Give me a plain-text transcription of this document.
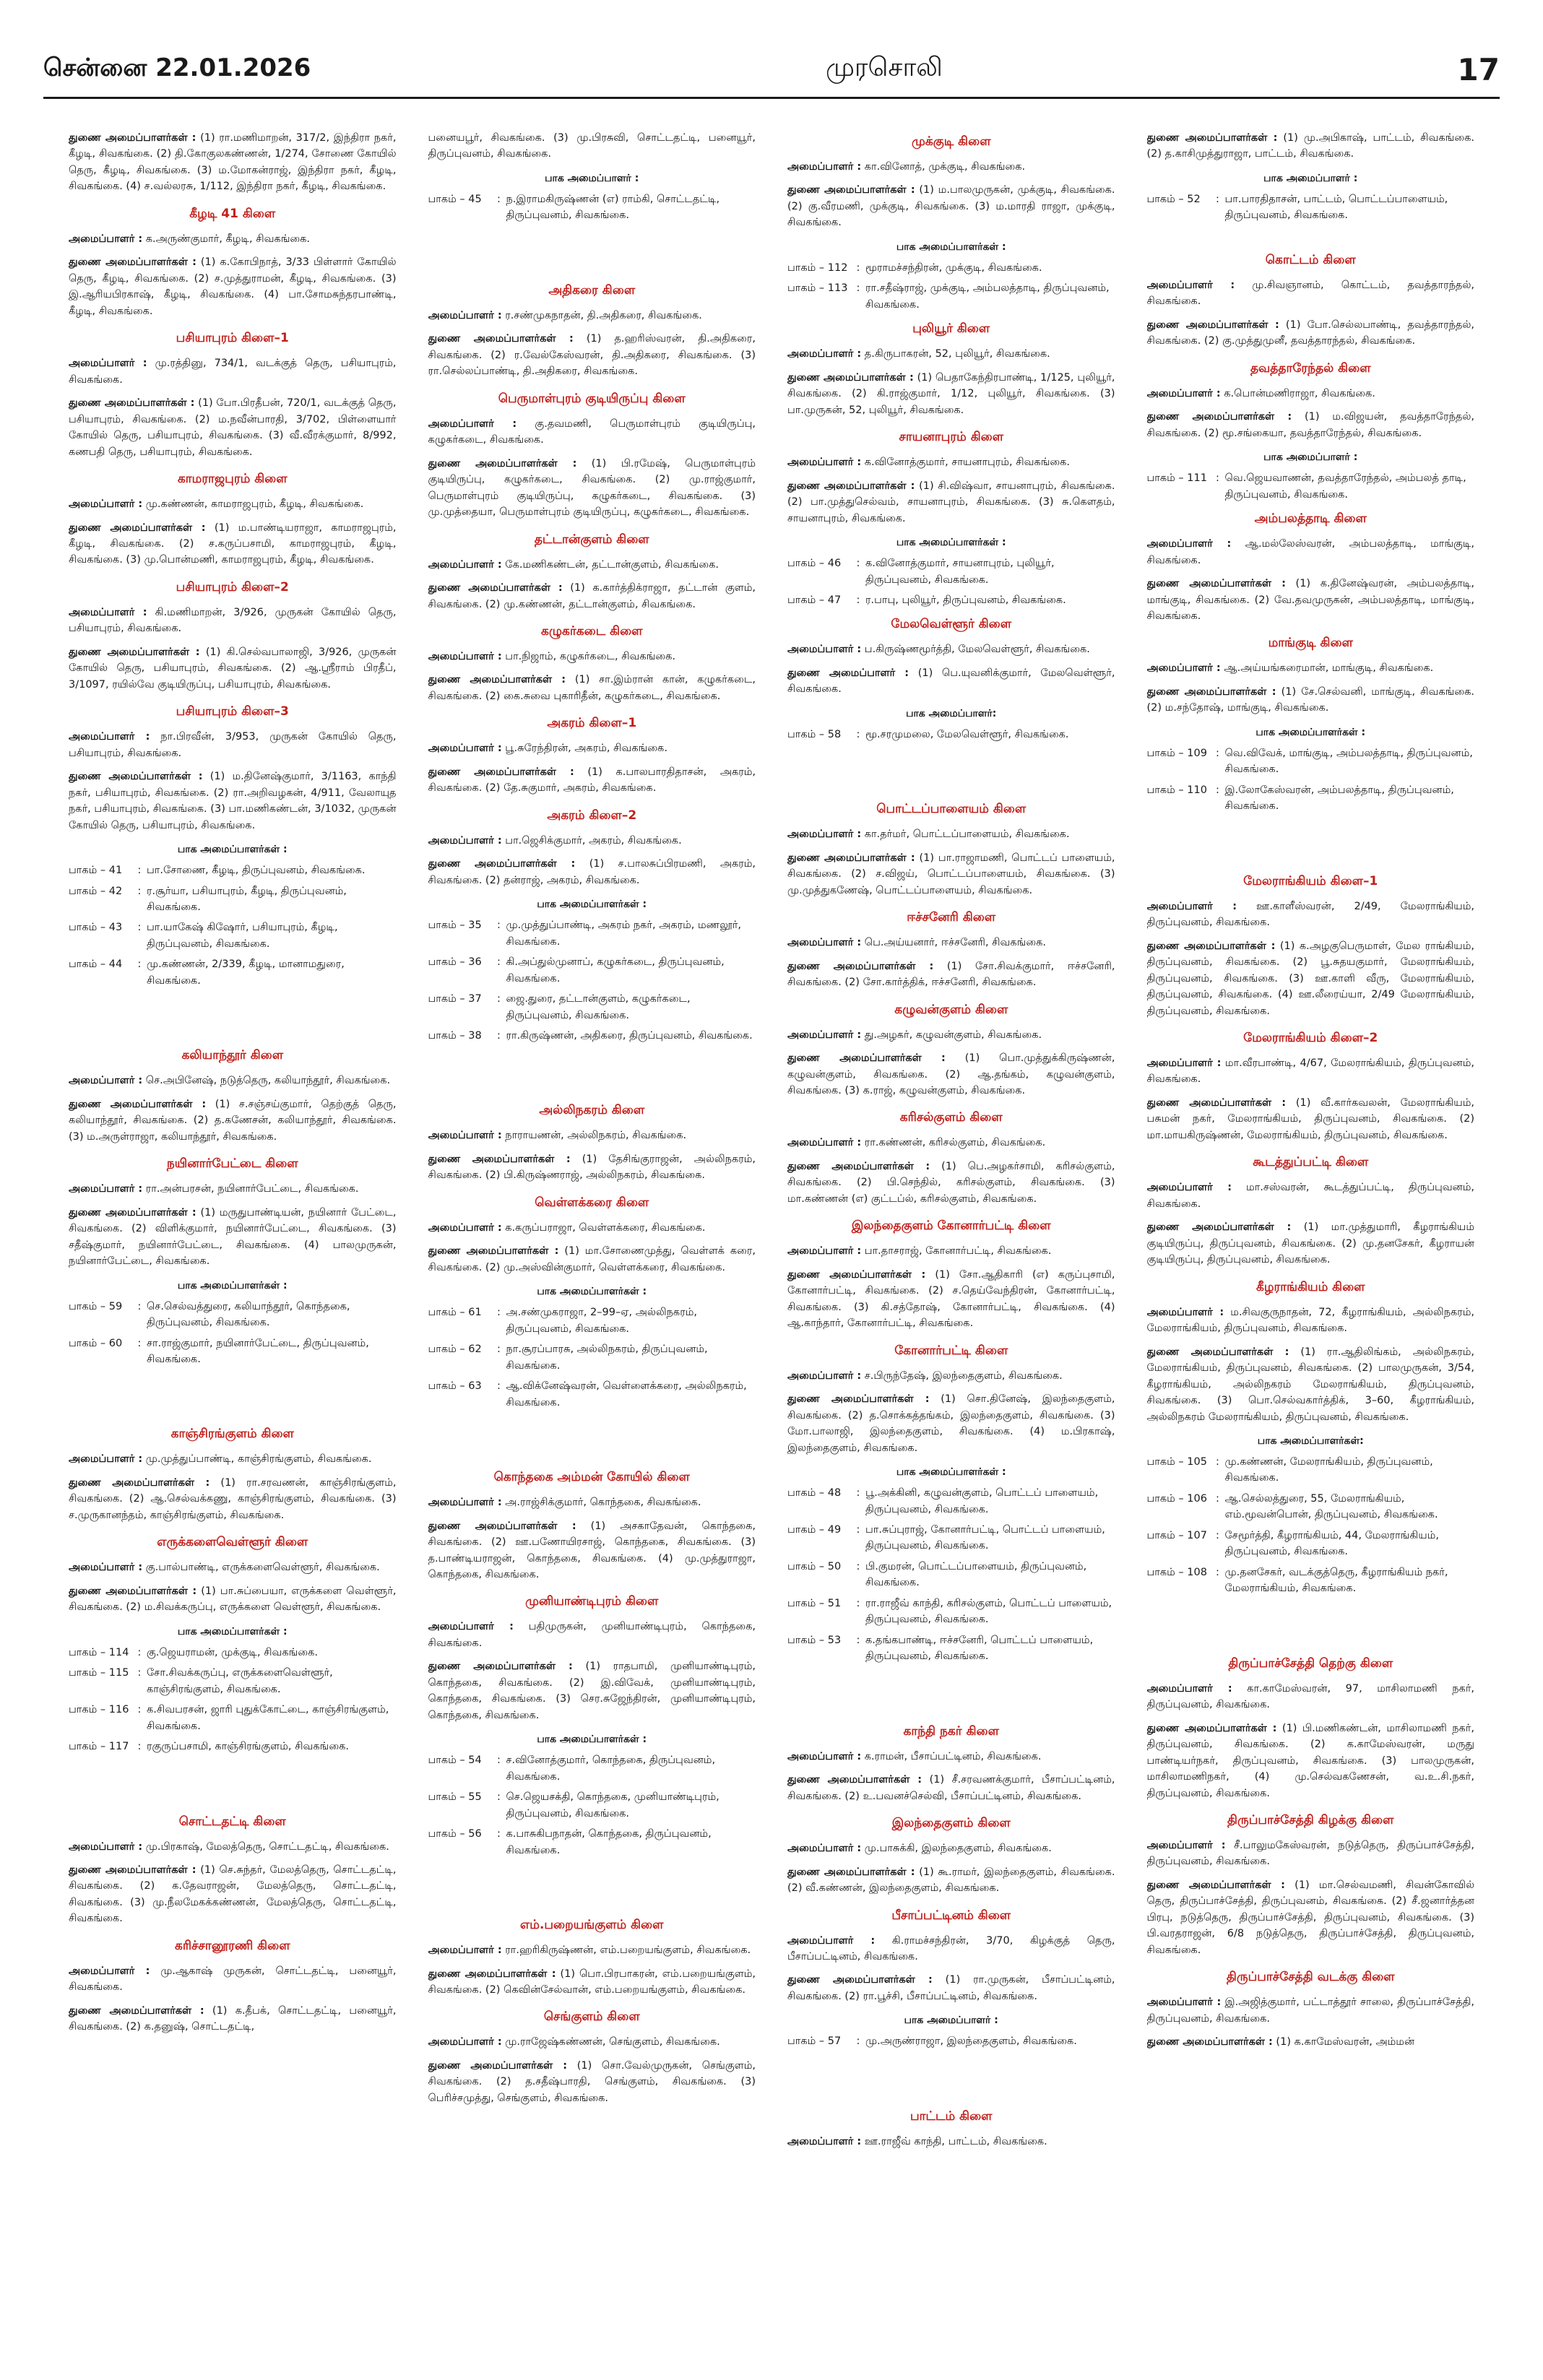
சென்னை 22.01.2026	முரசொலி	17
துணை அமைப்பாளர்கள் : (1) ரா.மணிமாறன், 317/2, இந்திரா நகர், கீழடி, சிவகங்கை. (2) தி.கோகுலகண்ணன், 1/274, சோணை கோயில் தெரு, கீழடி, சிவகங்கை. (3) ம.மோகன்ராஜ், இந்திரா நகர், கீழடி, சிவகங்கை. (4) ச.வல்லரசு, 1/112, இந்திரா நகர், கீழடி, சிவகங்கை.
கீழடி 41 கிளை
அமைப்பாளர் : க.அருண்குமார், கீழடி, சிவகங்கை.
துணை அமைப்பாளர்கள் : (1) க.கோபிநாத், 3/33 பிள்ளார் கோயில் தெரு, கீழடி, சிவகங்கை. (2) ச.முத்துராமன், கீழடி, சிவகங்கை. (3) இ.ஆரியபிரகாஷ், கீழடி, சிவகங்கை. (4) பா.சோமசுந்தரபாண்டி, கீழடி, சிவகங்கை.
பசியாபுரம் கிளை–1
அமைப்பாளர் : மு.ரத்தினு, 734/1, வடக்குத் தெரு, பசியாபுரம், சிவகங்கை.
துணை அமைப்பாளர்கள் : (1) போ.பிரதீபன், 720/1, வடக்குத் தெரு, பசியாபுரம், சிவகங்கை. (2) ம.நவீன்பாரதி, 3/702, பிள்ளையார் கோயில் தெரு, பசியாபுரம், சிவகங்கை. (3) வீ.வீரக்குமார், 8/992, கணபதி தெரு, பசியாபுரம், சிவகங்கை.
காமராஜபுரம் கிளை
அமைப்பாளர் : மு.கண்ணன், காமராஜபுரம், கீழடி, சிவகங்கை.
துணை அமைப்பாளர்கள் : (1) ம.பாண்டியராஜா, காமராஜபுரம், கீழடி, சிவகங்கை. (2) ச.கருப்பசாமி, காமராஜபுரம், கீழடி, சிவகங்கை. (3) மு.பொன்மணி, காமராஜபுரம், கீழடி, சிவகங்கை.
பசியாபுரம் கிளை–2
அமைப்பாளர் : கி.மணிமாறன், 3/926, முருகன் கோயில் தெரு, பசியாபுரம், சிவகங்கை.
துணை அமைப்பாளர்கள் : (1) கி.செல்வபாலாஜி, 3/926, முருகன் கோயில் தெரு, பசியாபுரம், சிவகங்கை. (2) ஆ.ஸ்ரீராம் பிரதீப், 3/1097, ரயில்வே குடியிருப்பு, பசியாபுரம், சிவகங்கை.
பசியாபுரம் கிளை–3
அமைப்பாளர் : நா.பிரவீன், 3/953, முருகன் கோயில் தெரு, பசியாபுரம், சிவகங்கை.
துணை அமைப்பாளர்கள் : (1) ம.தினேஷ்குமார், 3/1163, காந்தி நகர், பசியாபுரம், சிவகங்கை. (2) ரா.அறிவழகன், 4/911, வேலாயுத நகர், பசியாபுரம், சிவகங்கை. (3) பா.மணிகண்டன், 3/1032, முருகன் கோயில் தெரு, பசியாபுரம், சிவகங்கை.
பாக அமைப்பாளர்கள் :
பாகம் – 41	: பா.சோணை, கீழடி, திருப்புவனம், சிவகங்கை.
பாகம் – 42	: ர.சூர்யா, பசியாபுரம், கீழடி, திருப்புவனம், சிவகங்கை.
பாகம் – 43	: பா.யாகேஷ் கிஷோர், பசியாபுரம், கீழடி, திருப்புவனம், சிவகங்கை.
பாகம் – 44	: மு.கண்ணன், 2/339, கீழடி, மானாமதுரை, சிவகங்கை.
கலியாந்தூர் கிளை
அமைப்பாளர் : செ.அபினேஷ், நடுத்தெரு, கலியாந்தூர், சிவகங்கை.
துணை அமைப்பாளர்கள் : (1) ச.சஞ்சய்குமார், தெற்குத் தெரு, கலியாந்தூர், சிவகங்கை. (2) த.கணேசன், கலியாந்தூர், சிவகங்கை. (3) ம.அருள்ராஜா, கலியாந்தூர், சிவகங்கை.
நயினார்பேட்டை கிளை
அமைப்பாளர் : ரா.அன்பரசன், நயினார்பேட்டை, சிவகங்கை.
துணை அமைப்பாளர்கள் : (1) மருதுபாண்டியன், நயினார் பேட்டை, சிவகங்கை. (2) விளிக்குமார், நயினார்பேட்டை, சிவகங்கை. (3) சதீஷ்குமார், நயினார்பேட்டை, சிவகங்கை. (4) பாலமுருகன், நயினார்பேட்டை, சிவகங்கை.
பாக அமைப்பாளர்கள் :
பாகம் – 59	: செ.செல்வத்துரை, கலியாந்தூர், கொந்தகை, திருப்புவனம், சிவகங்கை.
பாகம் – 60	: சா.ராஜ்குமார், நயினார்பேட்டை, திருப்புவனம், சிவகங்கை.
காஞ்சிரங்குளம் கிளை
அமைப்பாளர் : மு.முத்துப்பாண்டி, காஞ்சிரங்குளம், சிவகங்கை.
துணை அமைப்பாளர்கள் : (1) ரா.சரவணன், காஞ்சிரங்குளம், சிவகங்கை. (2) ஆ.செல்வக்கணு, காஞ்சிரங்குளம், சிவகங்கை. (3) ச.முருகானந்தம், காஞ்சிரங்குளம், சிவகங்கை.
எருக்களைவெள்ளூர் கிளை
அமைப்பாளர் : கு.பால்பாண்டி, எருக்களைவெள்ளூர், சிவகங்கை.
துணை அமைப்பாளர்கள் : (1) பா.சுப்பையா, எருக்களை வெள்ளூர், சிவகங்கை. (2) ம.சிவக்கருப்பு, எருக்களை வெள்ளூர், சிவகங்கை.
பாக அமைப்பாளர்கள் :
பாகம் – 114 : கு.ஜெயராமன், முக்குடி, சிவகங்கை.
பாகம் – 115 : சோ.சிவக்கருப்பு, எருக்களைவெள்ளூர், காஞ்சிரங்குளம், சிவகங்கை.
பாகம் – 116 : க.சிவபரசன், ஜாரி புதுக்கோட்டை, காஞ்சிரங்குளம், சிவகங்கை.
பாகம் – 117 : ரகுருப்பசாமி, காஞ்சிரங்குளம், சிவகங்கை.
சொட்டதட்டி கிளை
அமைப்பாளர் : மு.பிரகாஷ், மேலத்தெரு, சொட்டதட்டி, சிவகங்கை.
துணை அமைப்பாளர்கள் : (1) செ.சுந்தர், மேலத்தெரு, சொட்டதட்டி, சிவகங்கை. (2) க.தேவராஜன், மேலத்தெரு, சொட்டதட்டி, சிவகங்கை. (3) மு.நீலமேகக்கண்ணன், மேலத்தெரு, சொட்டதட்டி, சிவகங்கை.
கரிச்சானூரணி கிளை
அமைப்பாளர் : மு.ஆகாஷ் முருகன், சொட்டதட்டி, பனையூர், சிவகங்கை.
துணை அமைப்பாளர்கள் : (1) க.தீபக், சொட்டதட்டி, பனையூர், சிவகங்கை. (2) க.தனுஷ், சொட்டதட்டி,
பனையபூர், சிவகங்கை. (3) மு.பிரசுவி, சொட்டதட்டி, பனையூர், திருப்புவனம், சிவகங்கை.
பாக அமைப்பாளர் :
பாகம் – 45	: ந.இராமகிருஷ்ணன் (எ) ராம்கி, சொட்டதட்டி, திருப்புவனம், சிவகங்கை.
அதிகரை கிளை
அமைப்பாளர் : ர.சண்முகநாதன், தி.அதிகரை, சிவகங்கை.
துணை அமைப்பாளர்கள் : (1) த.ஹரிஸ்வரன், தி.அதிகரை, சிவகங்கை. (2) ர.வேல்கேஸ்வரன், தி.அதிகரை, சிவகங்கை. (3) ரா.செல்லப்பாண்டி, தி.அதிகரை, சிவகங்கை.
பெருமாள்புரம் குடியிருப்பு கிளை
அமைப்பாளர் : கு.தவமணி, பெருமாள்புரம் குடியிருப்பு, கழுகர்கடை, சிவகங்கை.
துணை அமைப்பாளர்கள் : (1) பி.ரமேஷ், பெருமாள்புரம் குடியிருப்பு, கழுகர்கடை, சிவகங்கை. (2) மு.ராஜ்குமார், பெருமாள்புரம் குடியிருப்பு, கழுகர்கடை, சிவகங்கை. (3) மு.முத்தையா, பெருமாள்புரம் குடியிருப்பு, கழுகர்கடை, சிவகங்கை.
தட்டான்குளம் கிளை
அமைப்பாளர் : கே.மணிகண்டன், தட்டான்குளம், சிவகங்கை.
துணை அமைப்பாளர்கள் : (1) க.கார்த்திக்ராஜா, தட்டான் குளம், சிவகங்கை. (2) மு.கண்ணன், தட்டான்குளம், சிவகங்கை.
கழுகர்கடை கிளை
அமைப்பாளர் : பா.நிஜாம், கழுகர்கடை, சிவகங்கை.
துணை அமைப்பாளர்கள் : (1) சா.இம்ரான் கான், கழுகர்கடை, சிவகங்கை. (2) கை.சுவை புகாரிதீன், கழுகர்கடை, சிவகங்கை.
அகரம் கிளை–1
அமைப்பாளர் : பூ.சுரேந்திரன், அகரம், சிவகங்கை.
துணை அமைப்பாளர்கள் : (1) க.பாலபாரதிதாசன், அகரம், சிவகங்கை. (2) தே.சுகுமார், அகரம், சிவகங்கை.
அகரம் கிளை–2
அமைப்பாளர் : பா.ஜெசிக்குமார், அகரம், சிவகங்கை.
துணை அமைப்பாளர்கள் : (1) ச.பாலசுப்பிரமணி, அகரம், சிவகங்கை. (2) தன்ராஜ், அகரம், சிவகங்கை.
பாக அமைப்பாளர்கள் :
பாகம் – 35	: மு.முத்துப்பாண்டி, அகரம் நகர், அகரம், மணலூர், சிவகங்கை.
பாகம் – 36	: கி.அப்துல்முனாப், கழுகர்கடை, திருப்புவனம், சிவகங்கை.
பாகம் – 37	: ஜை.துரை, தட்டான்குளம், கழுகர்கடை, திருப்புவனம், சிவகங்கை.
பாகம் – 38	: ரா.கிருஷ்ணன், அதிகரை, திருப்புவனம், சிவகங்கை.
அல்லிநகரம் கிளை
அமைப்பாளர் : நாராயணன், அல்லிநகரம், சிவகங்கை.
துணை அமைப்பாளர்கள் : (1) தேசிங்குராஜன், அல்லிநகரம், சிவகங்கை. (2) பி.கிருஷ்ணராஜ், அல்லிநகரம், சிவகங்கை.
வெள்ளக்கரை கிளை
அமைப்பாளர் : க.கருப்பராஜா, வெள்ளக்கரை, சிவகங்கை.
துணை அமைப்பாளர்கள் : (1) மா.சோணைமுத்து, வெள்ளக் கரை, சிவகங்கை. (2) மு.அஸ்வின்குமார், வெள்ளக்கரை, சிவகங்கை.
பாக அமைப்பாளர்கள் :
பாகம் – 61	: அ.சண்முகராஜா, 2–99–ஏ, அல்லிநகரம், திருப்புவனம், சிவகங்கை.
பாகம் – 62	: நா.சூரப்பாரசு, அல்லிநகரம், திருப்புவனம், சிவகங்கை.
பாகம் – 63	: ஆ.விக்னேஷ்வரன், வெள்ளைக்கரை, அல்லிநகரம், சிவகங்கை.
கொந்தகை அம்மன் கோயில் கிளை
அமைப்பாளர் : அ.ராஜ்சிக்குமார், கொந்தகை, சிவகங்கை.
துணை அமைப்பாளர்கள் : (1) அசகாதேவன், கொந்தகை, சிவகங்கை. (2) ஊ.பணோயிரசாஜ், கொந்தகை, சிவகங்கை. (3) த.பாண்டியராஜன், கொந்தகை, சிவகங்கை. (4) மு.முத்துராஜா, கொந்தகை, சிவகங்கை.
முனியாண்டிபுரம் கிளை
அமைப்பாளர் : பதிமுருகன், முனியாண்டிபுரம், கொந்தகை, சிவகங்கை.
துணை அமைப்பாளர்கள் : (1) ராதபாமி, முனியாண்டிபுரம், கொந்தகை, சிவகங்கை. (2) இ.விவேக், முனியாண்டிபுரம், கொந்தகை, சிவகங்கை. (3) செர.சுஜேந்திரன், முனியாண்டிபுரம், கொந்தகை, சிவகங்கை.
பாக அமைப்பாளர்கள் :
பாகம் – 54	: ச.வினோத்குமார், கொந்தகை, திருப்புவனம், சிவகங்கை.
பாகம் – 55	: செ.ஜெயசக்தி, கொந்தகை, முனியாண்டிபுரம், திருப்புவனம், சிவகங்கை.
பாகம் – 56	: க.பாசுகிபநாதன், கொந்தகை, திருப்புவனம், சிவகங்கை.
எம்.பறையங்குளம் கிளை
அமைப்பாளர் : ரா.ஹரிகிருஷ்ணன், எம்.பறையங்குளம், சிவகங்கை.
துணை அமைப்பாளர்கள் : (1) பொ.பிரபாகரன், எம்.பறையங்குளம், சிவகங்கை. (2) கெவின்சேல்வான், எம்.பறையங்குளம், சிவகங்கை.
செங்குளம் கிளை
அமைப்பாளர் : மு.ராஜேஷ்கண்ணன், செங்குளம், சிவகங்கை.
துணை அமைப்பாளர்கள் : (1) சொ.வேல்முருகன், செங்குளம், சிவகங்கை. (2) த.சதீஷ்பாரதி, செங்குளம், சிவகங்கை. (3) பெரிச்சமுத்து, செங்குளம், சிவகங்கை.
முக்குடி கிளை
அமைப்பாளர் : கா.வினோத், முக்குடி, சிவகங்கை.
துணை அமைப்பாளர்கள் : (1) ம.பாலமுருகன், முக்குடி, சிவகங்கை. (2) கு.வீரமணி, முக்குடி, சிவகங்கை. (3) ம.மாரதி ராஜா, முக்குடி, சிவகங்கை.
பாக அமைப்பாளர்கள் :
பாகம் – 112 : மூராமச்சந்திரன், முக்குடி, சிவகங்கை.
பாகம் – 113 : ரா.சதீஷ்ராஜ், முக்குடி, அம்பலத்தாடி, திருப்புவனம், சிவகங்கை.
புலியூர் கிளை
அமைப்பாளர் : த.கிருபாகரன், 52, புலியூர், சிவகங்கை.
துணை அமைப்பாளர்கள் : (1) பெதாகேந்திரபாண்டி, 1/125, புலியூர், சிவகங்கை. (2) கி.ராஜ்குமார், 1/12, புலியூர், சிவகங்கை. (3) பா.முருகன், 52, புலியூர், சிவகங்கை.
சாயனாபுரம் கிளை
அமைப்பாளர் : க.வினோத்குமார், சாயனாபுரம், சிவகங்கை.
துணை அமைப்பாளர்கள் : (1) சி.விஷ்வா, சாயனாபுரம், சிவகங்கை. (2) பா.முத்துசெல்வம், சாயனாபுரம், சிவகங்கை. (3) சு.கௌதம், சாயனாபுரம், சிவகங்கை.
பாக அமைப்பாளர்கள் :
பாகம் – 46	: க.வினோத்குமார், சாயனாபுரம், புலியூர், திருப்புவனம், சிவகங்கை.
பாகம் – 47	: ர.பாபு, புலியூர், திருப்புவனம், சிவகங்கை.
மேலவெள்ளூர் கிளை
அமைப்பாளர் : ப.கிருஷ்ணமூர்த்தி, மேலவெள்ளூர், சிவகங்கை.
துணை அமைப்பாளர் : (1) பெ.யுவனிக்குமார், மேலவெள்ளூர், சிவகங்கை.
பாக அமைப்பாளர்:
பாகம் – 58	: மூ.சரமுமலை, மேலவெள்ளூர், சிவகங்கை.
பொட்டப்பாளையம் கிளை
அமைப்பாளர் : கா.தர்மர், பொட்டப்பாளையம், சிவகங்கை.
துணை அமைப்பாளர்கள் : (1) பா.ராஜாமணி, பொட்டப் பாளையம், சிவகங்கை. (2) ச.விஜய், பொட்டப்பாளையம், சிவகங்கை. (3) மு.முத்துகணேஷ், பொட்டப்பாளையம், சிவகங்கை.
ஈச்சனேரி கிளை
அமைப்பாளர் : பெ.அய்யனார், ஈச்சனேரி, சிவகங்கை.
துணை அமைப்பாளர்கள் : (1) சோ.சிவக்குமார், ஈச்சனேரி, சிவகங்கை. (2) சோ.கார்த்திக், ஈச்சனேரி, சிவகங்கை.
கழுவன்குளம் கிளை
அமைப்பாளர் : து.அழகர், கழுவன்குளம், சிவகங்கை.
துணை அமைப்பாளர்கள் : (1) பொ.முத்துக்கிருஷ்ணன், கழுவன்குளம், சிவகங்கை. (2) ஆ.தங்கம், கழுவன்குளம், சிவகங்கை. (3) க.ராஜ், கழுவன்குளம், சிவகங்கை.
கரிசல்குளம் கிளை
அமைப்பாளர் : ரா.கண்ணன், கரிசல்குளம், சிவகங்கை.
துணை அமைப்பாளர்கள் : (1) பெ.அழகர்சாமி, கரிசல்குளம், சிவகங்கை. (2) பி.செந்தில், கரிசல்குளம், சிவகங்கை. (3) மா.கண்ணன் (எ) குட்டப்ல், கரிசல்குளம், சிவகங்கை.
இலந்தைகுளம் கோனார்பட்டி கிளை
அமைப்பாளர் : பா.தாசராஜ், கோனார்பட்டி, சிவகங்கை.
துணை அமைப்பாளர்கள் : (1) சோ.ஆதிகாரி (எ) கருப்புசாமி, கோனார்பட்டி, சிவகங்கை. (2) ச.தெய்வேந்திரன், கோனார்பட்டி, சிவகங்கை. (3) கி.சத்தோஷ், கோனார்பட்டி, சிவகங்கை. (4) ஆ.காந்தார், கோனார்பட்டி, சிவகங்கை.
கோனார்பட்டி கிளை
அமைப்பாளர் : ச.பிருந்தேஷ், இலந்தைகுளம், சிவகங்கை.
துணை அமைப்பாளர்கள் : (1) சொ.தினேஷ், இலந்தைகுளம், சிவகங்கை. (2) த.சொக்கத்தங்கம், இலந்தைகுளம், சிவகங்கை. (3) மோ.பாலாஜி, இலந்தைகுளம், சிவகங்கை. (4) ம.பிரகாஷ், இலந்தைகுளம், சிவகங்கை.
பாக அமைப்பாளர்கள் :
பாகம் – 48	: பூ.அக்கினி, கழுவன்குளம், பொட்டப் பாளையம், திருப்புவனம், சிவகங்கை.
பாகம் – 49	: பா.சுப்புராஜ், கோனார்பட்டி, பொட்டப் பாளையம், திருப்புவனம், சிவகங்கை.
பாகம் – 50	: பி.குமரன், பொட்டப்பாளையம், திருப்புவனம், சிவகங்கை.
பாகம் – 51	: ரா.ராஜீவ் காந்தி, கரிசல்குளம், பொட்டப் பாளையம், திருப்புவனம், சிவகங்கை.
பாகம் – 53	: க.தங்கபாண்டி, ஈச்சனேரி, பொட்டப் பாளையம், திருப்புவனம், சிவகங்கை.
காந்தி நகர் கிளை
அமைப்பாளர் : க.ராமன், பீசாப்பட்டினம், சிவகங்கை.
துணை அமைப்பாளர்கள் : (1) சீ.சரவணக்குமார், பீசாப்பட்டினம், சிவகங்கை. (2) உ.பவனச்செல்வி, பீசாப்பட்டினம், சிவகங்கை.
இலந்தைகுளம் கிளை
அமைப்பாளர் : மு.பாசுக்கி, இலந்தைகுளம், சிவகங்கை.
துணை அமைப்பாளர்கள் : (1) கூ.ராமர், இலந்தைகுளம், சிவகங்கை. (2) வீ.கண்ணன், இலந்தைகுளம், சிவகங்கை.
பீசாப்பட்டினம் கிளை
அமைப்பாளர் : கி.ராமச்சந்திரன், 3/70, கிழக்குத் தெரு, பீசாப்பட்டினம், சிவகங்கை.
துணை அமைப்பாளர்கள் : (1) ரா.முருகன், பீசாப்பட்டினம், சிவகங்கை. (2) ரா.பூச்சி, பீசாப்பட்டினம், சிவகங்கை.
பாக அமைப்பாளர் :
பாகம் – 57	: மு.அருண்ராஜா, இலந்தைகுளம், சிவகங்கை.
பாட்டம் கிளை
அமைப்பாளர் : ஊ.ராஜீவ் காந்தி, பாட்டம், சிவகங்கை.
துணை அமைப்பாளர்கள் : (1) மு.அபிகாஷ், பாட்டம், சிவகங்கை. (2) த.காசிமுத்துராஜா, பாட்டம், சிவகங்கை.
பாக அமைப்பாளர் :
பாகம் – 52	: பா.பாரதிதாசன், பாட்டம், பொட்டப்பாளையம், திருப்புவனம், சிவகங்கை.
கொட்டம் கிளை
அமைப்பாளர் : மு.சிவஞானம், கொட்டம், தவத்தாரந்தல், சிவகங்கை.
துணை அமைப்பாளர்கள் : (1) போ.செல்லபாண்டி, தவத்தாரந்தல், சிவகங்கை. (2) கு.முத்துமுனீ, தவத்தாரந்தல், சிவகங்கை.
தவத்தாரேந்தல் கிளை
அமைப்பாளர் : க.பொன்மணிராஜா, சிவகங்கை.
துணை அமைப்பாளர்கள் : (1) ம.விஜயன், தவத்தாரேந்தல், சிவகங்கை. (2) மூ.சங்கையா, தவத்தாரேந்தல், சிவகங்கை.
பாக அமைப்பாளர் :
பாகம் – 111 : வெ.ஜெயவாணன், தவத்தாரேந்தல், அம்பலத் தாடி, திருப்புவனம், சிவகங்கை.
அம்பலத்தாடி கிளை
அமைப்பாளர் : ஆ.மல்லேஸ்வரன், அம்பலத்தாடி, மாங்குடி, சிவகங்கை.
துணை அமைப்பாளர்கள் : (1) க.தினேஷ்வரன், அம்பலத்தாடி, மாங்குடி, சிவகங்கை. (2) வே.தவமுருகன், அம்பலத்தாடி, மாங்குடி, சிவகங்கை.
மாங்குடி கிளை
அமைப்பாளர் : ஆ.அய்யங்கரைமான், மாங்குடி, சிவகங்கை.
துணை அமைப்பாளர்கள் : (1) சே.செல்வனி, மாங்குடி, சிவகங்கை. (2) ம.சந்தோஷ், மாங்குடி, சிவகங்கை.
பாக அமைப்பாளர்கள் :
பாகம் – 109 : வெ.விவேக், மாங்குடி, அம்பலத்தாடி, திருப்புவனம், சிவகங்கை.
பாகம் – 110 : இ.லோகேஸ்வரன், அம்பலத்தாடி, திருப்புவனம், சிவகங்கை.
மேலராங்கியம் கிளை–1
அமைப்பாளர் : ஊ.காளீஸ்வரன், 2/49, மேலராங்கியம், திருப்புவனம், சிவகங்கை.
துணை அமைப்பாளர்கள் : (1) க.அழகுபெருமாள், மேல ராங்கியம், திருப்புவனம், சிவகங்கை. (2) பூ.சுதயகுமார், மேலராங்கியம், திருப்புவனம், சிவகங்கை. (3) ஊ.காளி வீரு, மேலராங்கியம், திருப்புவனம், சிவகங்கை. (4) ஊ.லீரைய்யா, 2/49 மேலராங்கியம், திருப்புவனம், சிவகங்கை.
மேலராங்கியம் கிளை–2
அமைப்பாளர் : மா.வீரபாண்டி, 4/67, மேலராங்கியம், திருப்புவனம், சிவகங்கை.
துணை அமைப்பாளர்கள் : (1) வீ.கார்கவலன், மேலராங்கியம், பசுமன் நகர், மேலராங்கியம், திருப்புவனம், சிவகங்கை. (2) மா.மாயகிருஷ்ணன், மேலராங்கியம், திருப்புவனம், சிவகங்கை.
கூடத்துப்பட்டி கிளை
அமைப்பாளர் : மா.சஸ்வரன், கூடத்துப்பட்டி, திருப்புவனம், சிவகங்கை.
துணை அமைப்பாளர்கள் : (1) மா.முத்துமாரி, கீழராங்கியம் குடியிருப்பு, திருப்புவனம், சிவகங்கை. (2) மு.தனசேகர், கீழராயன் குடியிருப்பு, திருப்புவனம், சிவகங்கை.
கீழராங்கியம் கிளை
அமைப்பாளர் : ம.சிவகுருநாதன், 72, கீழராங்கியம், அல்லிநகரம், மேலராங்கியம், திருப்புவனம், சிவகங்கை.
துணை அமைப்பாளர்கள் : (1) ரா.ஆதிலிங்கம், அல்லிநகரம், மேலராங்கியம், திருப்புவனம், சிவகங்கை. (2) பாலமுருகன், 3/54, கீழராங்கியம், அல்லிநகரம் மேலராங்கியம், திருப்புவனம், சிவகங்கை. (3) பொ.செல்வகார்த்திக், 3–60, கீழராங்கியம், அல்லிநகரம் மேலராங்கியம், திருப்புவனம், சிவகங்கை.
பாக அமைப்பாளர்கள்:
பாகம் – 105 : மு.கண்ணன், மேலராங்கியம், திருப்புவனம், சிவகங்கை.
பாகம் – 106 : ஆ.செல்லத்துரை, 55, மேலராங்கியம், எம்.மூவன்பொன், திருப்புவனம், சிவகங்கை.
பாகம் – 107 : சேமூர்த்தி, கீழராங்கியம், 44, மேலராங்கியம், திருப்புவனம், சிவகங்கை.
பாகம் – 108 : மு.தனசேகர், வடக்குத்தெரு, கீழராங்கியம் நகர், மேலராங்கியம், சிவகங்கை.
திருப்பாச்சேத்தி தெற்கு கிளை
அமைப்பாளர் : கா.காமேஸ்வரன், 97, மாசிலாமணி நகர், திருப்புவனம், சிவகங்கை.
துணை அமைப்பாளர்கள் : (1) பி.மணிகண்டன், மாசிலாமணி நகர், திருப்புவனம், சிவகங்கை. (2) க.காமேஸ்வரன், மருது பாண்டியர்நகர், திருப்புவனம், சிவகங்கை. (3) பாலமுருகன், மாசிலாமணிநகர், (4) மு.செல்வகணேசன், வ.உ.சி.நகர், திருப்புவனம், சிவகங்கை.
திருப்பாச்சேத்தி கிழக்கு கிளை
அமைப்பாளர் : சீ.பாலுமகேஸ்வரன், நடுத்தெரு, திருப்பாச்சேத்தி, திருப்புவனம், சிவகங்கை.
துணை அமைப்பாளர்கள் : (1) மா.செல்வமணி, சிவன்கோவில் தெரு, திருப்பாச்சேத்தி, திருப்புவனம், சிவகங்கை. (2) சீ.ஜனார்த்தன பிரபு, நடுத்தெரு, திருப்பாச்சேத்தி, திருப்புவனம், சிவகங்கை. (3) பி.வரதராஜன், 6/8 நடுத்தெரு, திருப்பாச்சேத்தி, திருப்புவனம், சிவகங்கை.
திருப்பாச்சேத்தி வடக்கு கிளை
அமைப்பாளர் : இ.அஜித்குமார், பட்டாத்தூர் சாலை, திருப்பாச்சேத்தி, திருப்புவனம், சிவகங்கை.
துணை அமைப்பாளர்கள் : (1) க.காமேஸ்வரன், அம்மன்
